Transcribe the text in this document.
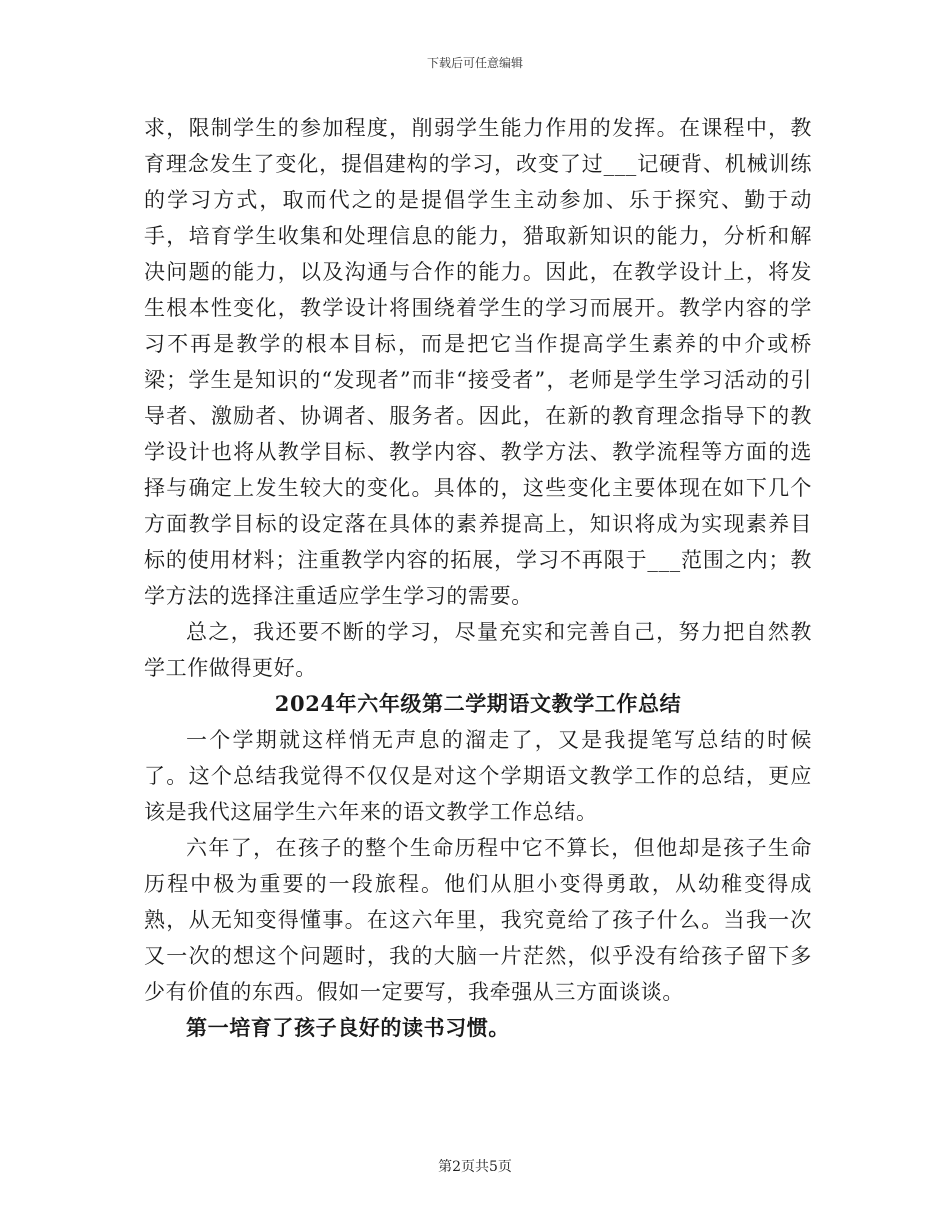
下载后可任意编辑

求，限制学生的参加程度，削弱学生能力作用的发挥。在课程中，教育理念发生了变化，提倡建构的学习，改变了过___记硬背、机械训练的学习方式，取而代之的是提倡学生主动参加、乐于探究、勤于动手，培育学生收集和处理信息的能力，猎取新知识的能力，分析和解决问题的能力，以及沟通与合作的能力。因此，在教学设计上，将发生根本性变化，教学设计将围绕着学生的学习而展开。教学内容的学习不再是教学的根本目标，而是把它当作提高学生素养的中介或桥梁；学生是知识的“发现者”而非“接受者”，老师是学生学习活动的引导者、激励者、协调者、服务者。因此，在新的教育理念指导下的教学设计也将从教学目标、教学内容、教学方法、教学流程等方面的选择与确定上发生较大的变化。具体的，这些变化主要体现在如下几个方面教学目标的设定落在具体的素养提高上，知识将成为实现素养目标的使用材料；注重教学内容的拓展，学习不再限于___范围之内；教学方法的选择注重适应学生学习的需要。

总之，我还要不断的学习，尽量充实和完善自己，努力把自然教学工作做得更好。

2024年六年级第二学期语文教学工作总结

一个学期就这样悄无声息的溜走了，又是我提笔写总结的时候了。这个总结我觉得不仅仅是对这个学期语文教学工作的总结，更应该是我代这届学生六年来的语文教学工作总结。

六年了，在孩子的整个生命历程中它不算长，但他却是孩子生命历程中极为重要的一段旅程。他们从胆小变得勇敢，从幼稚变得成熟，从无知变得懂事。在这六年里，我究竟给了孩子什么。当我一次又一次的想这个问题时，我的大脑一片茫然，似乎没有给孩子留下多少有价值的东西。假如一定要写，我牵强从三方面谈谈。

第一培育了孩子良好的读书习惯。

第2页共5页
